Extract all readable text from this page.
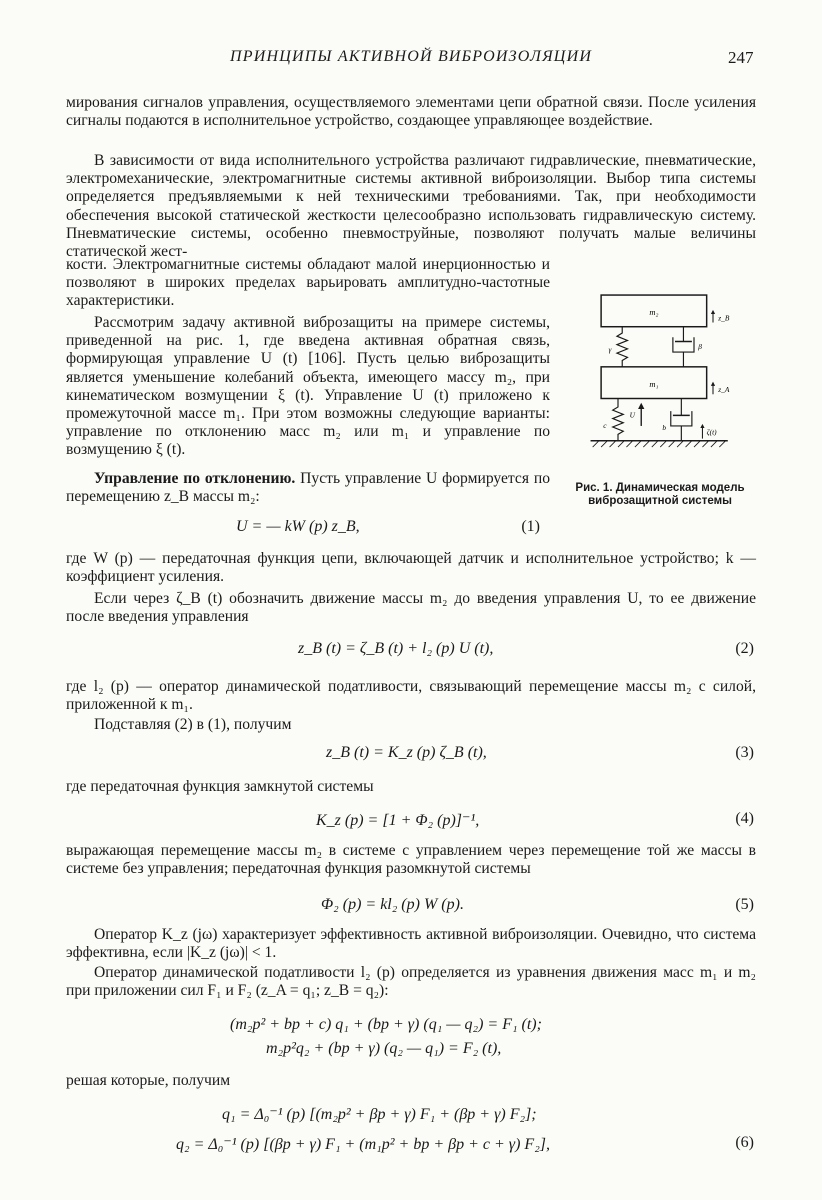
ПРИНЦИПЫ АКТИВНОЙ ВИБРОИЗОЛЯЦИИ	247
мирования сигналов управления, осуществляемого элементами цепи обратной связи. После усиления сигналы подаются в исполнительное устройство, создающее управляющее воздействие.
В зависимости от вида исполнительного устройства различают гидравлические, пневматические, электромеханические, электромагнитные системы активной виброизоляции. Выбор типа системы определяется предъявляемыми к ней техническими требованиями. Так, при необходимости обеспечения высокой статической жесткости целесообразно использовать гидравлическую систему. Пневматические системы, особенно пневмоструйные, позволяют получать малые величины статической жест-
кости. Электромагнитные системы обладают малой инерционностью и позволяют в широких пределах варьировать амплитудно-частотные характеристики.
Рассмотрим задачу активной виброзащиты на примере системы, приведенной на рис. 1, где введена активная обратная связь, формирующая управление U (t) [106]. Пусть целью виброзащиты является уменьшение колебаний объекта, имеющего массу m₂, при кинематическом возмущении ξ (t). Управление U (t) приложено к промежуточной массе m₁. При этом возможны следующие варианты: управление по отклонению масс m₂ или m₁ и управление по возмущению ξ (t).
Управление по отклонению. Пусть управление U формируется по перемещению z_B массы m₂:
U = — kW (p) z_B,	(1)
где W (p) — передаточная функция цепи, включающей датчик и исполнительное устройство; k — коэффициент усиления.
Если через ζ_B (t) обозначить движение массы m₂ до введения управления U, то ее движение после введения управления
z_B (t) = ζ_B (t) + l₂ (p) U (t),	(2)
где l₂ (p) — оператор динамической податливости, связывающий перемещение массы m₂ с силой, приложенной к m₁.
Подставляя (2) в (1), получим
z_B (t) = K_z (p) ζ_B (t),	(3)
где передаточная функция замкнутой системы
K_z (p) = [1 + Φ₂ (p)]⁻¹,	(4)
выражающая перемещение массы m₂ в системе с управлением через перемещение той же массы в системе без управления; передаточная функция разомкнутой системы
Φ₂ (p) = kl₂ (p) W (p).	(5)
Оператор K_z (jω) характеризует эффективность активной виброизоляции. Очевидно, что система эффективна, если |K_z (jω)| < 1.
Оператор динамической податливости l₂ (p) определяется из уравнения движения масс m₁ и m₂ при приложении сил F₁ и F₂ (z_A = q₁; z_B = q₂):
(m₂p² + bp + c) q₁ + (bp + γ) (q₁ — q₂) = F₁ (t);
m₂p²q₂ + (bp + γ) (q₂ — q₁) = F₂ (t),
решая которые, получим
q₁ = Δ₀⁻¹ (p) [(m₂p² + βp + γ) F₁ + (βp + γ) F₂];
q₂ = Δ₀⁻¹ (p) [(βp + γ) F₁ + (m₁p² + bp + βp + c + γ) F₂],	(6)
m₂
z_B
γ	β
m₁
z_A
c
U
b	ζ(t)
Рис. 1. Динамическая модель виброзащитной системы
